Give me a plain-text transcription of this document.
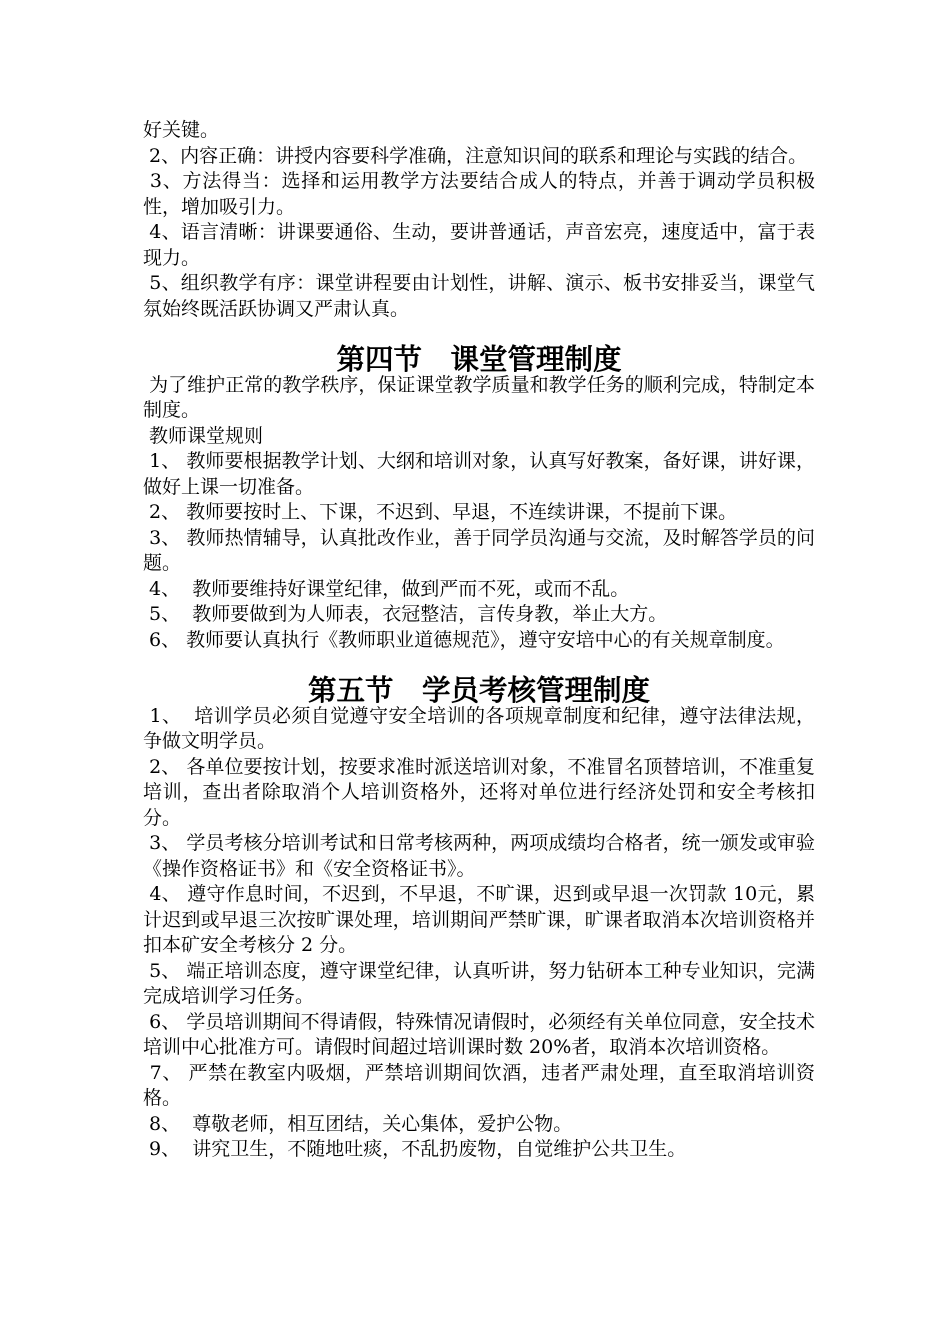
好关键。

2、内容正确：讲授内容要科学准确，注意知识间的联系和理论与实践的结合。

3、方法得当：选择和运用教学方法要结合成人的特点，并善于调动学员积极性，增加吸引力。

4、语言清晰：讲课要通俗、生动，要讲普通话，声音宏亮，速度适中，富于表现力。

5、组织教学有序：课堂讲程要由计划性，讲解、演示、板书安排妥当，课堂气氛始终既活跃协调又严肃认真。

第四节　课堂管理制度

为了维护正常的教学秩序，保证课堂教学质量和教学任务的顺利完成，特制定本制度。

教师课堂规则

1、 教师要根据教学计划、大纲和培训对象，认真写好教案，备好课，讲好课，做好上课一切准备。

2、 教师要按时上、下课，不迟到、早退，不连续讲课，不提前下课。

3、 教师热情辅导，认真批改作业，善于同学员沟通与交流，及时解答学员的问题。

4、  教师要维持好课堂纪律，做到严而不死，或而不乱。

5、  教师要做到为人师表，衣冠整洁，言传身教，举止大方。

6、 教师要认真执行《教师职业道德规范》，遵守安培中心的有关规章制度。

第五节　学员考核管理制度

1、  培训学员必须自觉遵守安全培训的各项规章制度和纪律，遵守法律法规，争做文明学员。

2、 各单位要按计划，按要求准时派送培训对象，不准冒名顶替培训，不准重复培训，查出者除取消个人培训资格外，还将对单位进行经济处罚和安全考核扣分。

3、 学员考核分培训考试和日常考核两种，两项成绩均合格者，统一颁发或审验《操作资格证书》和《安全资格证书》。

4、 遵守作息时间，不迟到，不早退，不旷课，迟到或早退一次罚款 10元，累计迟到或早退三次按旷课处理，培训期间严禁旷课，旷课者取消本次培训资格并扣本矿安全考核分 2 分。

5、 端正培训态度，遵守课堂纪律，认真听讲，努力钻研本工种专业知识，完满完成培训学习任务。

6、 学员培训期间不得请假，特殊情况请假时，必须经有关单位同意，安全技术培训中心批准方可。请假时间超过培训课时数 20%者，取消本次培训资格。

7、 严禁在教室内吸烟，严禁培训期间饮酒，违者严肃处理，直至取消培训资格。

8、  尊敬老师，相互团结，关心集体，爱护公物。

9、  讲究卫生，不随地吐痰，不乱扔废物，自觉维护公共卫生。
